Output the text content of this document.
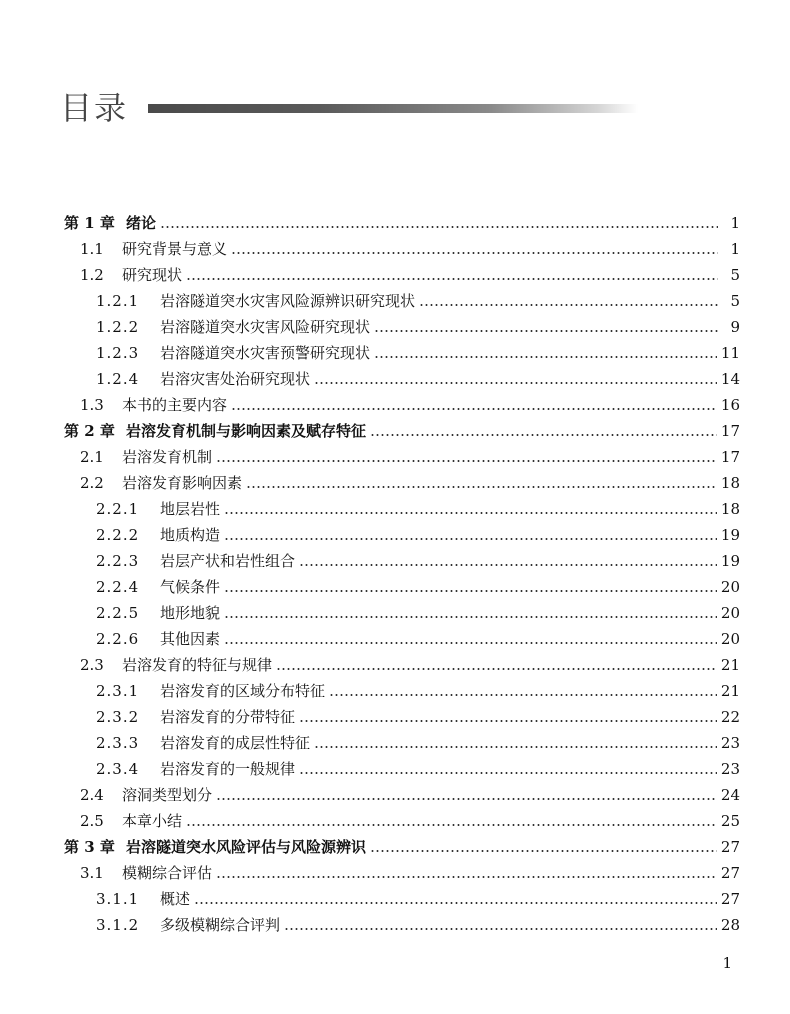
目录
第 1 章 绪论	1
1.1	研究背景与意义	1
1.2	研究现状	5
1.2.1	岩溶隧道突水灾害风险源辨识研究现状	5
1.2.2	岩溶隧道突水灾害风险研究现状	9
1.2.3	岩溶隧道突水灾害预警研究现状	11
1.2.4	岩溶灾害处治研究现状	14
1.3	本书的主要内容	16
第 2 章 岩溶发育机制与影响因素及赋存特征	17
2.1	岩溶发育机制	17
2.2	岩溶发育影响因素	18
2.2.1	地层岩性	18
2.2.2	地质构造	19
2.2.3	岩层产状和岩性组合	19
2.2.4	气候条件	20
2.2.5	地形地貌	20
2.2.6	其他因素	20
2.3	岩溶发育的特征与规律	21
2.3.1	岩溶发育的区域分布特征	21
2.3.2	岩溶发育的分带特征	22
2.3.3	岩溶发育的成层性特征	23
2.3.4	岩溶发育的一般规律	23
2.4	溶洞类型划分	24
2.5	本章小结	25
第 3 章 岩溶隧道突水风险评估与风险源辨识	27
3.1	模糊综合评估	27
3.1.1	概述	27
3.1.2	多级模糊综合评判	28
1
